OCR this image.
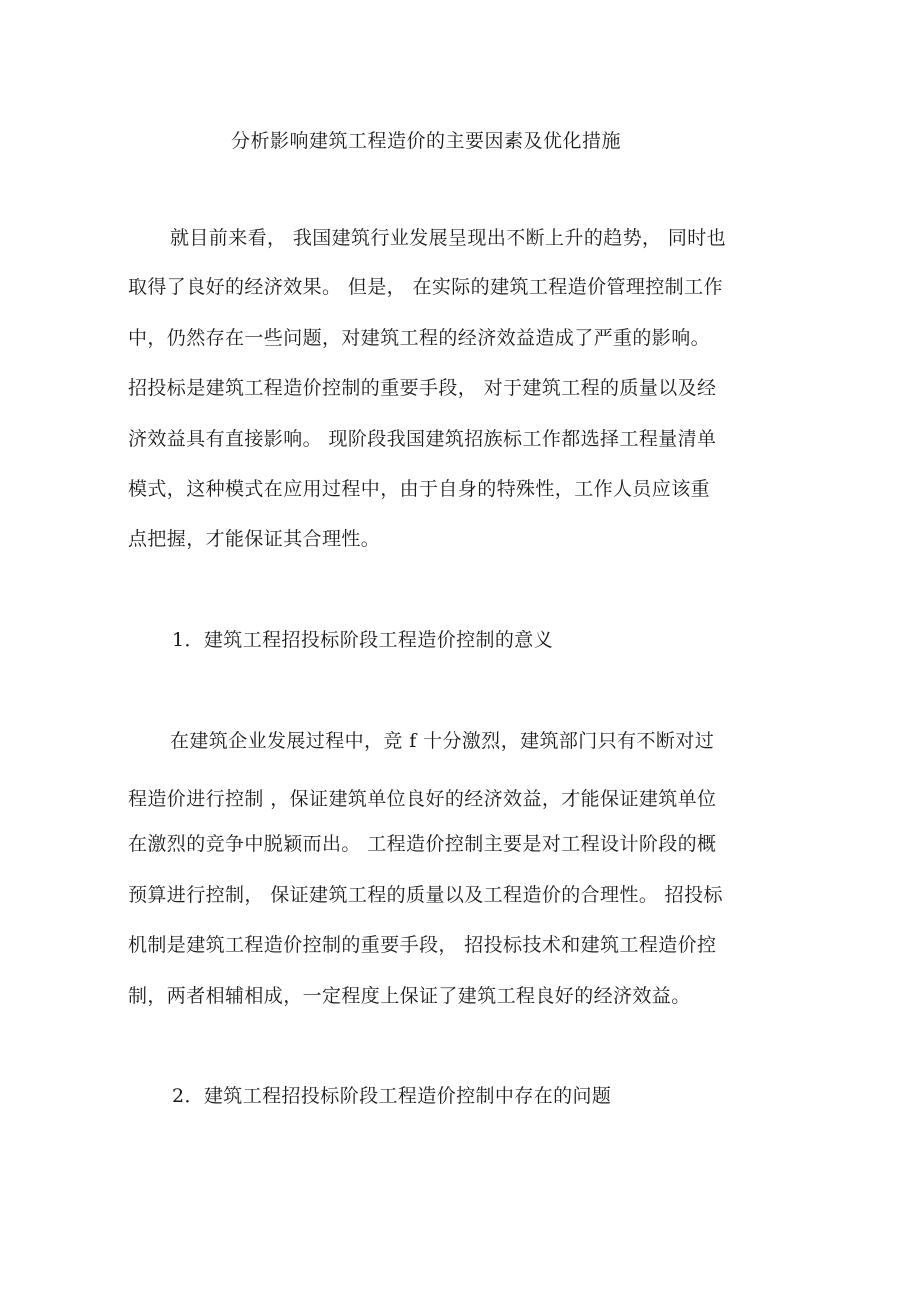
分析影响建筑工程造价的主要因素及优化措施
就目前来看， 我国建筑行业发展呈现出不断上升的趋势， 同时也
取得了良好的经济效果。 但是， 在实际的建筑工程造价管理控制工作
中，仍然存在一些问题，对建筑工程的经济效益造成了严重的影响。
招投标是建筑工程造价控制的重要手段， 对于建筑工程的质量以及经
济效益具有直接影响。 现阶段我国建筑招族标工作都选择工程量清单
模式，这种模式在应用过程中，由于自身的特殊性，工作人员应该重
点把握，才能保证其合理性。
1．建筑工程招投标阶段工程造价控制的意义
在建筑企业发展过程中，竞 f 十分激烈，建筑部门只有不断对过
程造价进行控制 ，保证建筑单位良好的经济效益，才能保证建筑单位
在激烈的竞争中脱颖而出。 工程造价控制主要是对工程设计阶段的概
预算进行控制， 保证建筑工程的质量以及工程造价的合理性。 招投标
机制是建筑工程造价控制的重要手段， 招投标技术和建筑工程造价控
制，两者相辅相成，一定程度上保证了建筑工程良好的经济效益。
2．建筑工程招投标阶段工程造价控制中存在的问题
